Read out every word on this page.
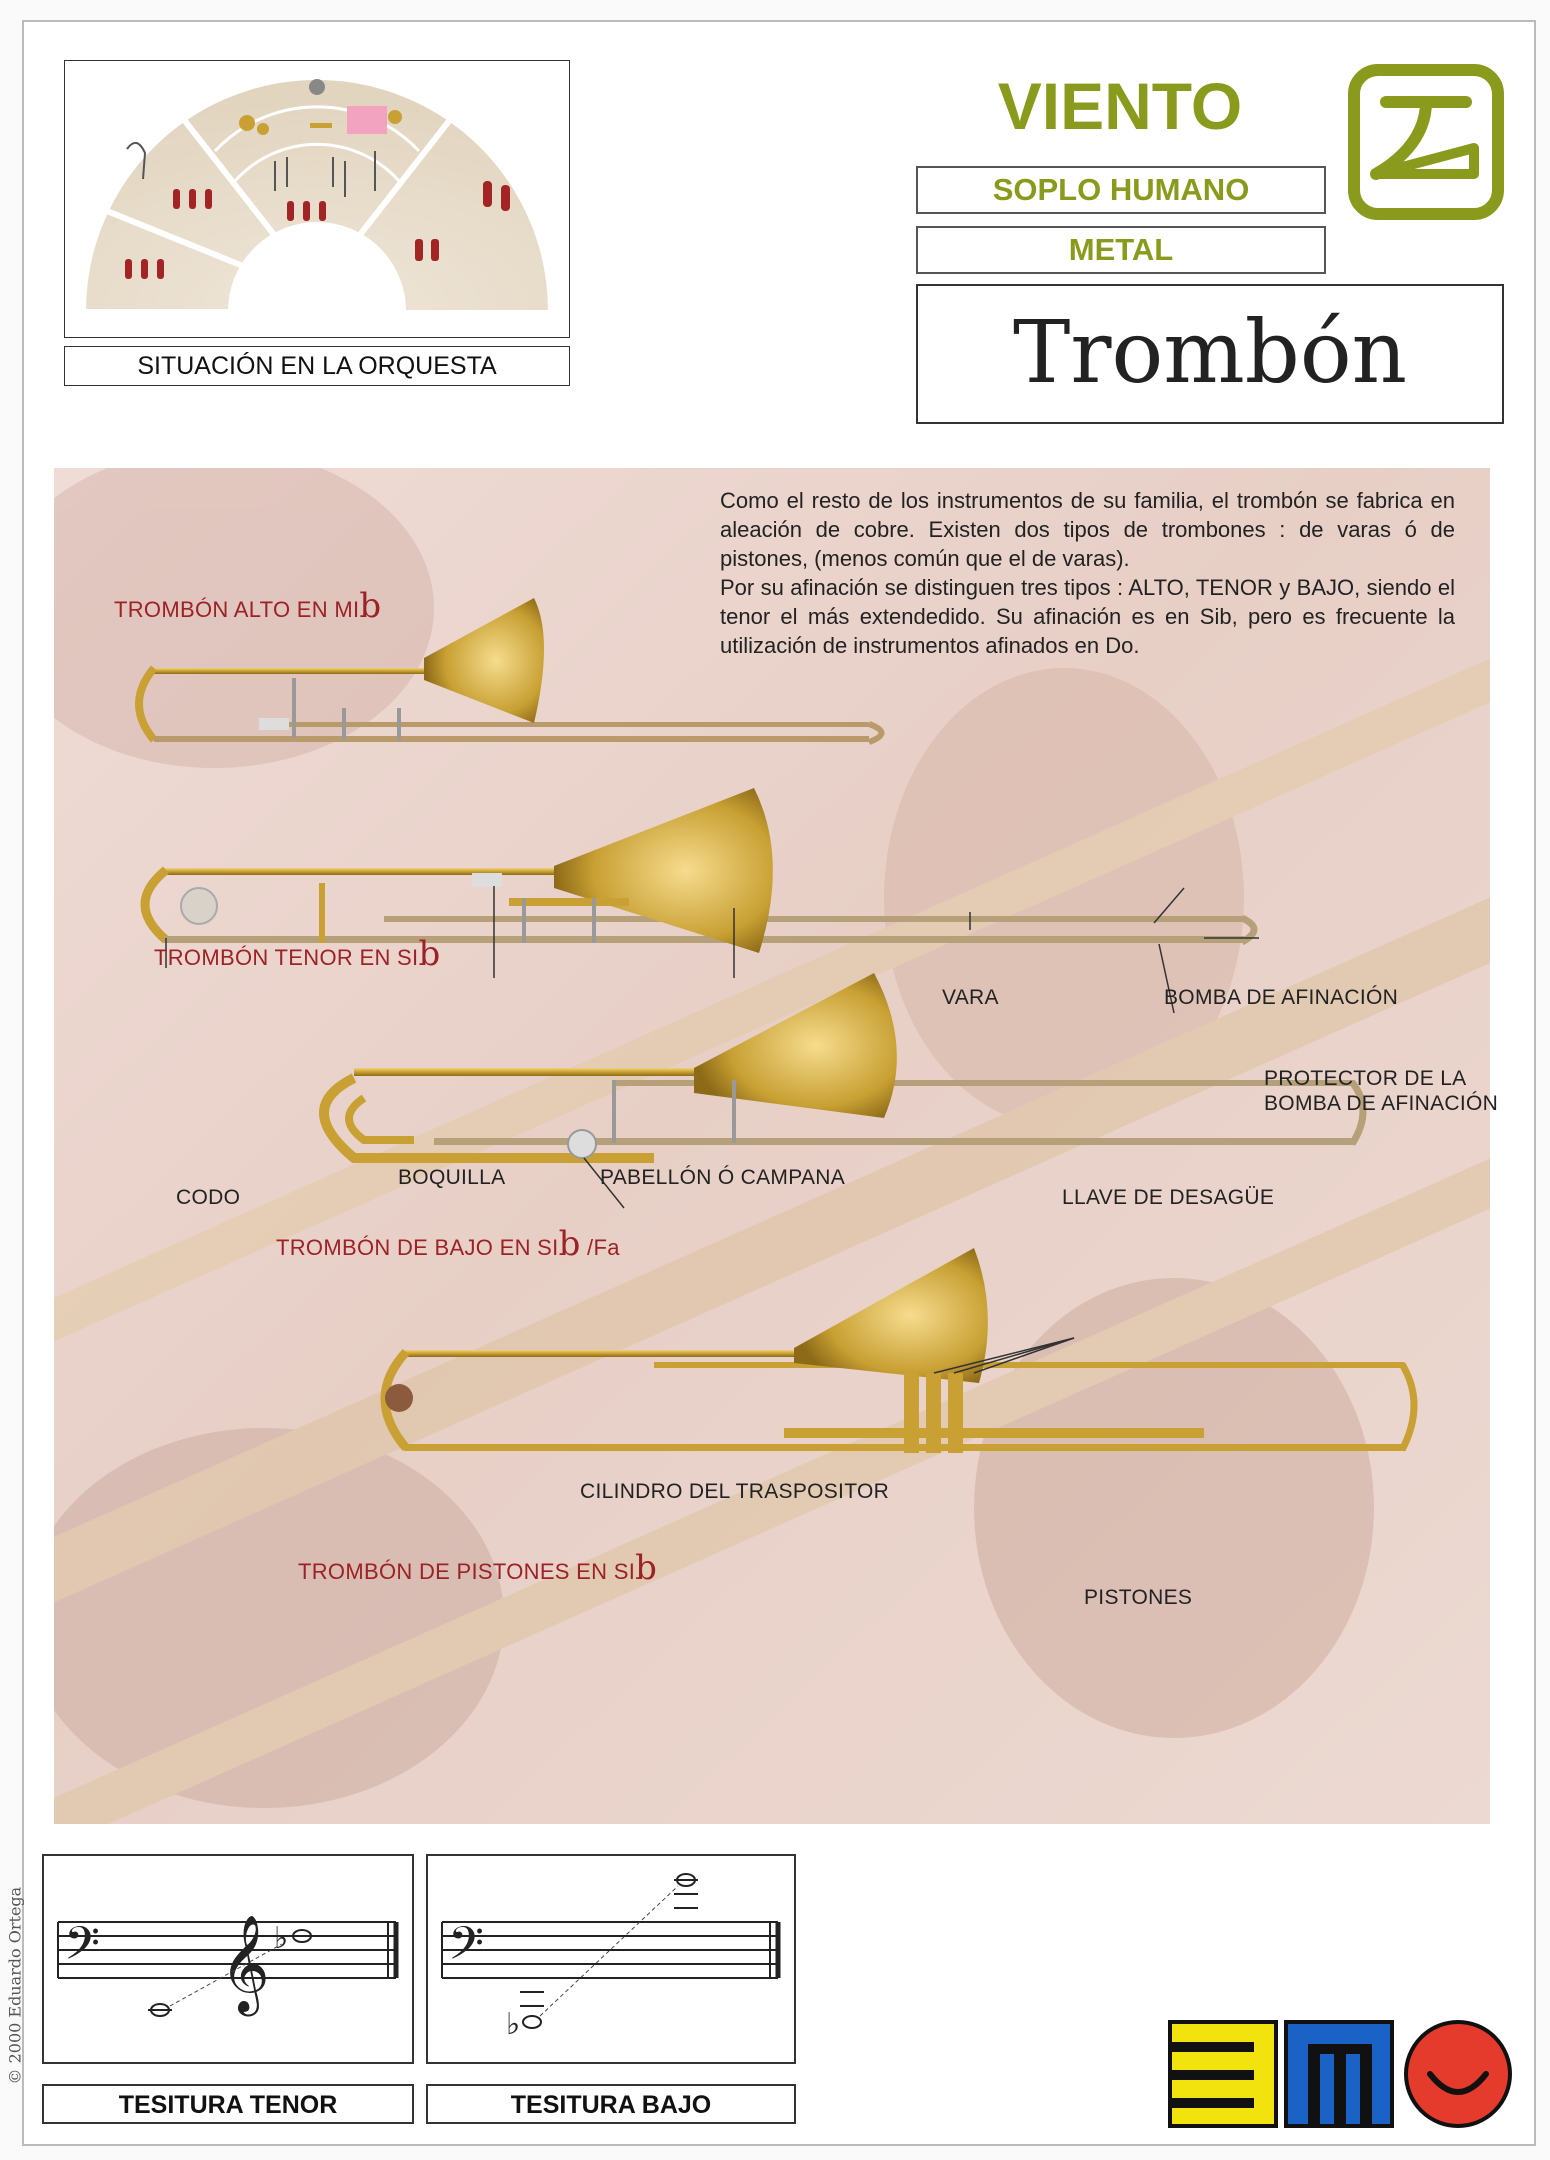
SITUACIÓN EN LA ORQUESTA
VIENTO
SOPLO HUMANO
METAL
Trombón

Como el resto de los instrumentos de su familia, el trombón se fabrica en aleación de cobre. Existen dos tipos de trombones : de varas ó de pistones, (menos común que el de varas).

Por su afinación se distinguen tres tipos : ALTO, TENOR y BAJO, siendo el tenor el más extendedido. Su afinación es en Sib, pero es frecuente la utilización de instrumentos afinados en Do.

TROMBÓN ALTO EN MIb
TROMBÓN TENOR EN SIb
TROMBÓN DE BAJO EN SIb /Fa
TROMBÓN DE PISTONES EN SIb
VARA	BOMBA DE AFINACIÓN
PROTECTOR DE LA
BOMBA DE AFINACIÓN
CODO
BOQUILLA	PABELLÓN Ó CAMPANA
LLAVE DE DESAGÜE
CILINDRO DEL TRASPOSITOR
PISTONES
𝄢 𝄞 ♭
TESITURA TENOR
𝄢
♭
TESITURA BAJO
© 2000 Eduardo Ortega
